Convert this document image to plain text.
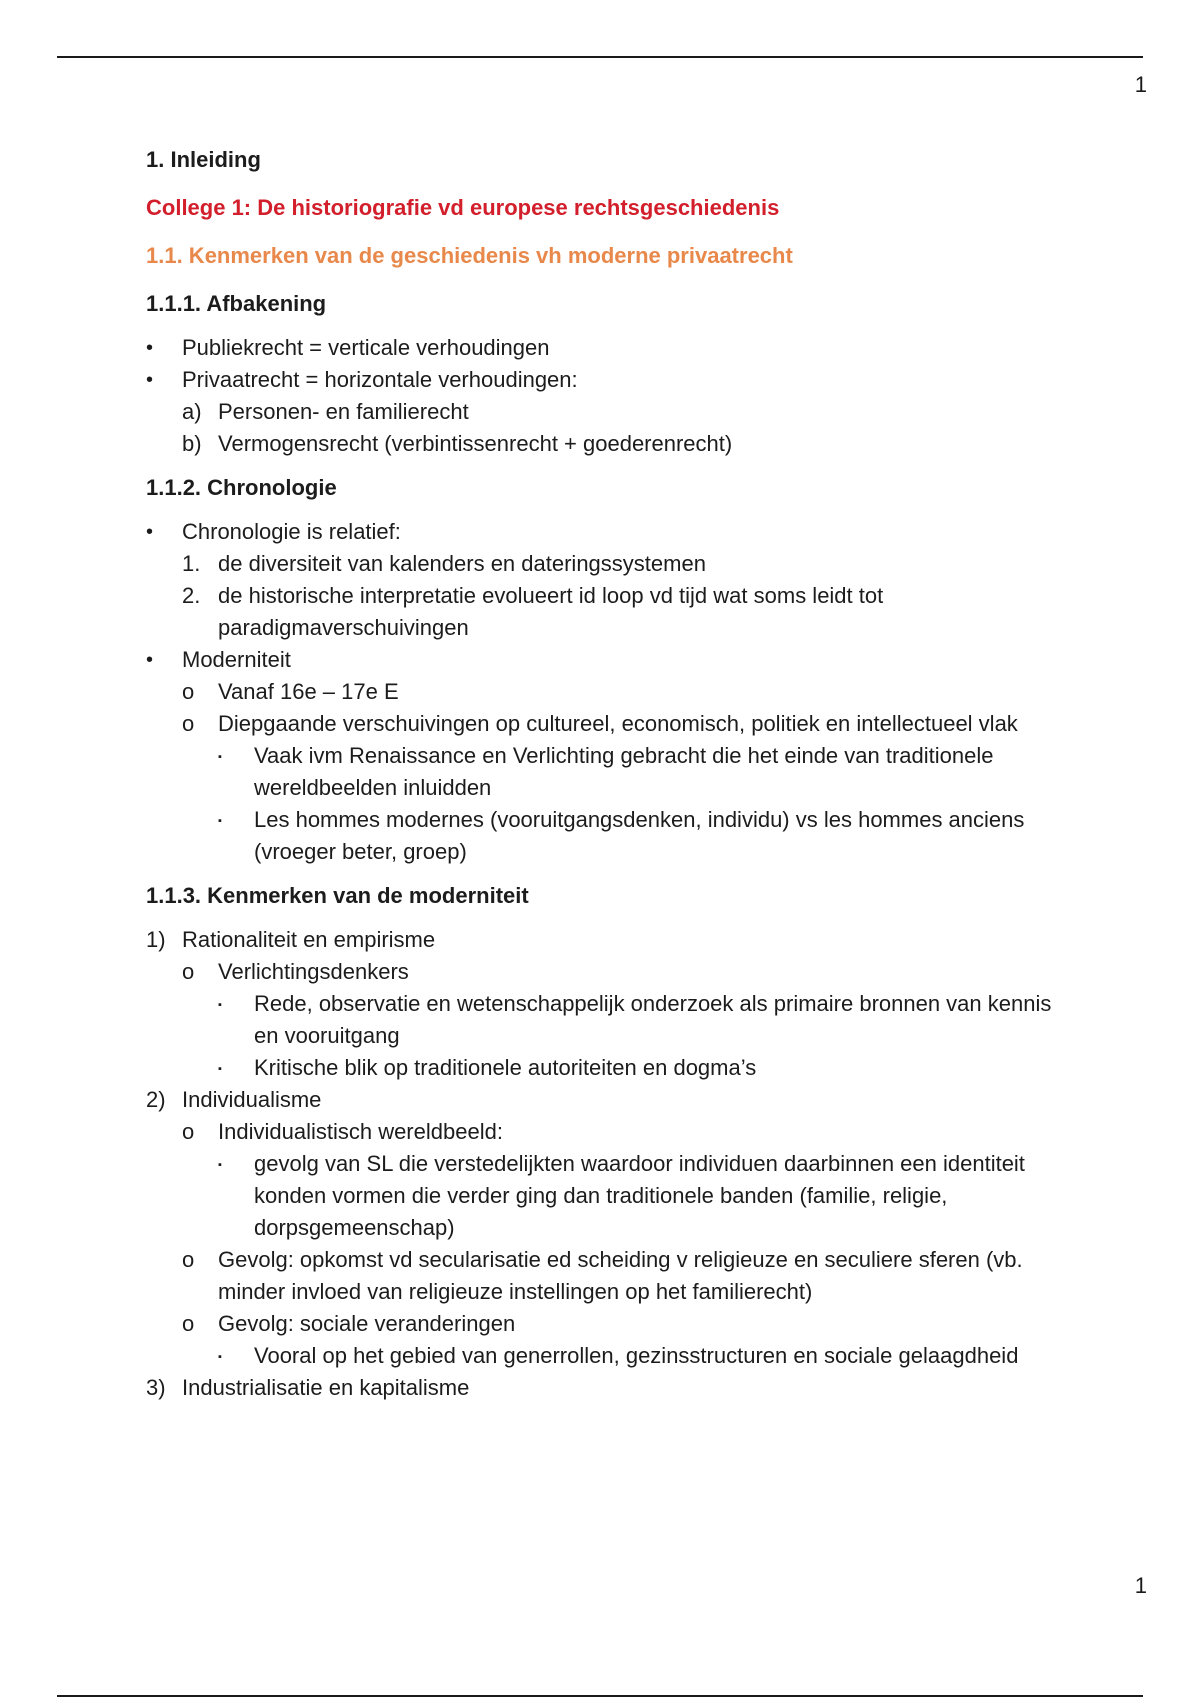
1

1. Inleiding

College 1: De historiografie vd europese rechtsgeschiedenis

1.1. Kenmerken van de geschiedenis vh moderne privaatrecht

1.1.1. Afbakening

• Publiekrecht = verticale verhoudingen
• Privaatrecht = horizontale verhoudingen:
a) Personen- en familierecht
b) Vermogensrecht (verbintissenrecht + goederenrecht)

1.1.2. Chronologie

• Chronologie is relatief:
1. de diversiteit van kalenders en dateringssystemen
2. de historische interpretatie evolueert id loop vd tijd wat soms leidt tot paradigmaverschuivingen
• Moderniteit
o Vanaf 16e – 17e E
o Diepgaande verschuivingen op cultureel, economisch, politiek en intellectueel vlak
▪ Vaak ivm Renaissance en Verlichting gebracht die het einde van traditionele wereldbeelden inluidden
▪ Les hommes modernes (vooruitgangsdenken, individu) vs les hommes anciens (vroeger beter, groep)

1.1.3. Kenmerken van de moderniteit

1) Rationaliteit en empirisme
o Verlichtingsdenkers
▪ Rede, observatie en wetenschappelijk onderzoek als primaire bronnen van kennis en vooruitgang
▪ Kritische blik op traditionele autoriteiten en dogma’s
2) Individualisme
o Individualistisch wereldbeeld:
▪ gevolg van SL die verstedelijkten waardoor individuen daarbinnen een identiteit konden vormen die verder ging dan traditionele banden (familie, religie, dorpsgemeenschap)
o Gevolg: opkomst vd secularisatie ed scheiding v religieuze en seculiere sferen (vb. minder invloed van religieuze instellingen op het familierecht)
o Gevolg: sociale veranderingen
▪ Vooral op het gebied van generrollen, gezinsstructuren en sociale gelaagdheid
3) Industrialisatie en kapitalisme
1
